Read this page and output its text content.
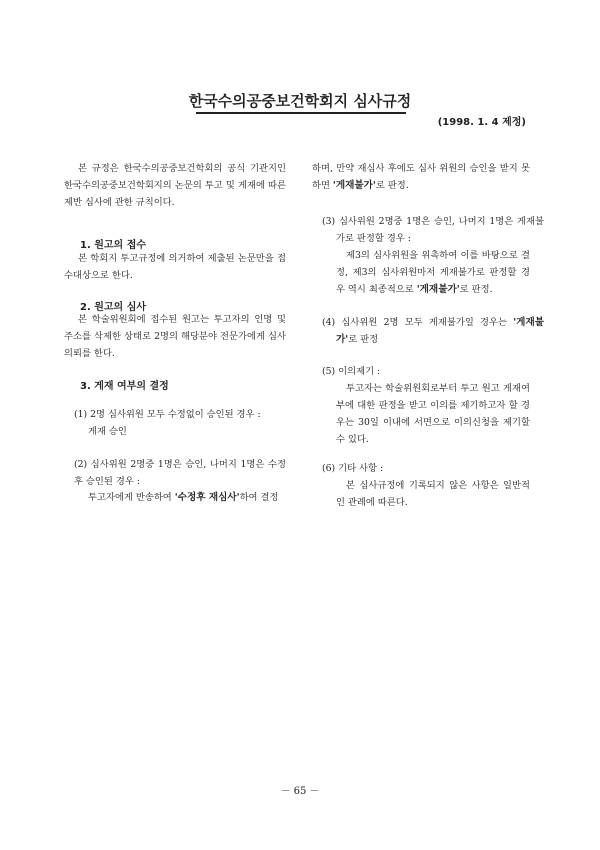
한국수의공중보건학회지 심사규정
(1998. 1. 4 제정)

본 규정은 한국수의공중보건학회의 공식 기관지인 한국수의공중보건학회지의 논문의 투고 및 게재에 따른 제반 심사에 관한 규칙이다.

1. 원고의 접수

본 학회지 투고규정에 의거하여 제출된 논문만을 접수대상으로 한다.

2. 원고의 심사

본 학술위원회에 접수된 원고는 투고자의 인명 및 주소를 삭제한 상태로 2명의 해당분야 전문가에게 심사의뢰를 한다.

3. 게재 여부의 결정

(1) 2명 심사위원 모두 수정없이 승인된 경우 :

게재 승인

(2) 심사위원 2명중 1명은 승인, 나머지 1명은 수정 후 승인된 경우 :

투고자에게 반송하여 '수정후 재심사'하여 결정

하며, 만약 재심사 후에도 심사 위원의 승인을 받지 못하면 '게재불가'로 판정.

(3) 심사위원 2명중 1명은 승인, 나머지 1명은 게재불가로 판정할 경우 :

제3의 심사위원을 위촉하여 이를 바탕으로 결정, 제3의 심사위원마저 게재불가로 판정할 경우 역시 최종적으로 '게재불가'로 판정.

(4) 심사위원 2명 모두 게재불가일 경우는 '게재불가'로 판정

(5) 이의제기 :

투고자는 학술위원회로부터 투고 원고 게재여부에 대한 판정을 받고 이의를 제기하고자 할 경우는 30일 이내에 서면으로 이의신청을 제기할 수 있다.

(6) 기타 사항 :

본 심사규정에 기록되지 않은 사항은 일반적인 관례에 따른다.

－ 65 －
